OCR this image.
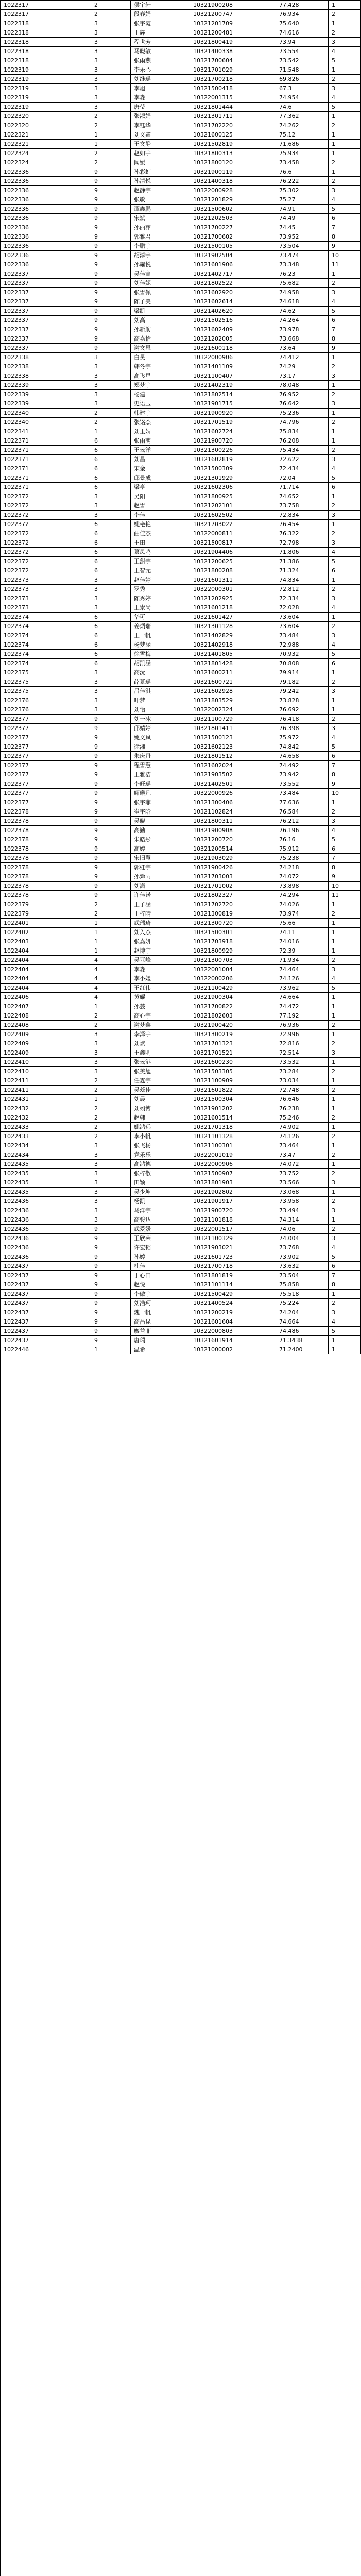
1022317	2	侯宇轩	10321900208	77.428	1
1022317	2	段春娟	10321200747	76.934	2
1022318	3	张宇霞	10321201709	75.640	1
1022318	3	王辉	10321200481	74.616	2
1022318	3	程世芳	10321800419	73.94	3
1022318	3	马晓敏	10321400338	73.554	4
1022318	3	张雨燕	10321700604	73.542	5
1022319	3	李乐心	10321701029	71.548	1
1022319	3	刘继瑶	10321700218	69.826	2
1022319	3	李旭	10321500418	67.3	3
1022319	3	李淼	10322001315	74.954	4
1022319	3	唐莹	10321801444	74.6	5
1022320	2	张淑娟	10321301711	77.362	1
1022320	2	李钰华	10321702220	74.262	2
1022321	1	刘文鑫	10321600125	75.12	1
1022321	1	王文静	10321502819	71.686	1
1022324	2	赵如宇	10321800313	75.934	1
1022324	2	闫媛	10321800120	73.458	2
1022336	9	孙彩虹	10321900119	76.6	1
1022336	9	孙清悦	10321400318	76.222	2
1022336	9	赵静宇	10322000928	75.302	3
1022336	9	张敏	10321201829	75.27	4
1022336	9	谭鑫鹏	10321500602	74.91	5
1022336	9	宋斌	10321202503	74.49	6
1022336	9	孙丽萍	10321700227	74.45	7
1022336	9	郭雅君	10321700602	73.952	8
1022336	9	李鹏宇	10321500105	73.504	9
1022336	9	胡淳宇	10321902504	73.474	10
1022336	9	孙耀悦	10321601906	73.348	11
1022337	9	吴佳宣	10321402717	76.23	1
1022337	9	刘佳妮	10321802522	75.682	2
1022337	9	张雪佩	10321602920	74.958	3
1022337	9	陈子美	10321602614	74.618	4
1022337	9	梁凯	10321402620	74.62	5
1022337	9	刘高	10321502516	74.264	6
1022337	9	孙新舫	10321602409	73.978	7
1022337	9	高嘉怡	10321202005	73.668	8
1022337	9	谢文恩	10321600118	73.64	9
1022338	3	白昊	10322000906	74.412	1
1022338	3	韩冬宇	10321401109	74.29	2
1022338	3	高飞星	10321100407	73.17	3
1022339	3	郑梦宇	10321402319	78.048	1
1022339	3	杨建	10321802514	76.952	2
1022339	3	史语玉	10321901715	76.642	3
1022340	2	韩建宇	10321900920	75.236	1
1022340	2	张铭杰	10321701519	74.796	2
1022341	1	刘玉娟	10321602724	75.834	1
1022371	6	张雨萌	10321900720	76.208	1
1022371	6	王云洋	10321300226	75.434	2
1022371	6	刘昌	10321602819	72.622	3
1022371	6	宋金	10321500309	72.434	4
1022371	6	邱景成	10321301929	72.04	5
1022371	6	梁亭	10321602306	71.714	6
1022372	3	吴阳	10321800925	74.652	1
1022372	3	赵雪	10321202101	73.758	2
1022372	3	李佳	10321602502	72.834	3
1022372	6	姚艳艳	10321703022	76.454	1
1022372	6	曲佳杰	10322000811	76.322	2
1022372	6	王田	10321500817	72.798	3
1022372	6	慕凤鸣	10321904406	71.806	4
1022372	6	王甜宇	10321200625	71.386	5
1022372	6	王智元	10321800208	71.324	6
1022373	3	赵佳婷	10321601311	74.834	1
1022373	3	罗秀	10322000301	72.812	2
1022373	3	陈秀婷	10321202925	72.334	3
1022373	3	王崇尚	10321601218	72.028	4
1022374	6	华可	10321601427	73.604	1
1022374	6	姜炳瑞	10321301128	73.604	2
1022374	6	王一帆	10321402829	73.484	3
1022374	6	杨梦涵	10321402918	72.988	4
1022374	6	徐雪梅	10321401805	70.932	5
1022374	6	胡凯涵	10321801428	70.808	6
1022375	3	高沅	10321600211	79.914	1
1022375	3	薛慕瑶	10321600721	79.182	2
1022375	3	吕佳淇	10321602928	79.242	3
1022376	3	叶梦	10321803529	73.828	1
1022376	3	刘怡	10322002324	76.692	1
1022377	9	刘一冰	10321100729	76.418	2
1022377	9	邱婧婷	10321801411	76.398	3
1022377	9	姚文岚	10321500123	75.972	4
1022377	9	徐湘	10321602123	74.842	5
1022377	9	朱庆丹	10321801512	74.658	6
1022377	9	程雪慧	10321602024	74.492	7
1022377	9	王雅洁	10321903502	73.942	8
1022377	9	李旺瑶	10321402501	73.552	9
1022377	9	解曦凡	10322000926	73.484	10
1022377	9	张宇菲	10321300406	77.636	1
1022378	9	崔宇晗	10321102824	76.584	2
1022378	9	吴晓	10321800311	76.212	3
1022378	9	高勤	10321900908	76.196	4
1022378	9	朱皓彤	10321200720	76.16	5
1022378	9	高婷	10321200514	75.912	6
1022378	9	宋旧慧	10321903029	75.238	7
1022378	9	郭虹宇	10321900426	74.218	8
1022378	9	孙舜雨	10321703003	74.072	9
1022378	9	刘潇	10321701002	73.898	10
1022378	9	许佳诺	10321802327	74.294	11
1022379	2	王子涵	10321702720	74.026	1
1022379	2	王梓晴	10321300819	73.974	2
1022401	1	武瑞琦	10321300720	75.66	1
1022402	1	刘入杰	10321500301	74.11	1
1022403	1	张嘉妍	10321703918	74.016	1
1022404	1	赵博宇	10321800929	72.39	1
1022404	4	吴亚峰	10321300703	71.934	2
1022404	4	李淼	10322001004	74.464	3
1022404	4	李小媛	10322000206	74.126	4
1022404	4	王红伟	10321100429	73.962	5
1022406	4	黄耀	10321900304	74.664	1
1022407	1	孙芸	10321700822	74.472	1
1022408	2	高心宇	10321802603	77.192	1
1022408	2	谢梦鑫	10321900420	76.936	2
1022409	3	李泽宇	10321300219	72.996	1
1022409	3	刘斌	10321701323	72.816	2
1022409	3	王鑫明	10321701521	72.514	3
1022410	3	张云港	10321600230	73.532	1
1022410	3	张美旭	10321503305	73.284	2
1022411	2	任霆宇	10321100909	73.034	1
1022411	2	吴蕊佳	10321601822	72.748	2
1022431	1	刘晨	10321500304	76.646	1
1022432	2	刘翊博	10321901202	76.238	1
1022432	2	赵韩	10321601514	75.246	2
1022433	2	姚鸿远	10321701318	74.902	1
1022433	2	李小帆	10321101328	74.126	2
1022434	3	张飞杨	10321100301	73.464	1
1022434	3	党乐乐	10322001019	73.47	2
1022435	3	高鸿德	10322000906	74.072	1
1022435	3	张梓敬	10321500907	73.752	2
1022435	3	田颖	10321801903	73.566	3
1022435	3	吴少坤	10321902802	73.068	1
1022436	3	杨凯	10321901917	73.958	2
1022436	3	马洋宇	10321900720	73.494	3
1022436	3	高骏达	10321101818	74.314	1
1022436	9	武爱媛	10322001517	74.06	2
1022436	9	王欣荣	10321100329	74.004	3
1022436	9	许宏韬	10321903021	73.768	4
1022436	9	孙婷	10321601723	73.902	5
1022437	9	杜佳	10321700718	73.632	6
1022437	9	于心田	10321801819	73.504	7
1022437	9	赵悦	10321101114	75.858	8
1022437	9	李傲宇	10321500429	75.518	1
1022437	9	刘浩珂	10321400524	75.224	2
1022437	9	魏一帆	10321200219	74.204	3
1022437	9	高昌昆	10321601604	74.664	4
1022437	9	廖益菲	10322000803	74.486	5
1022437	9	唐瑞	10321601914	71.3438	1
1022446	1	温希	10321000002	71.2400	1
